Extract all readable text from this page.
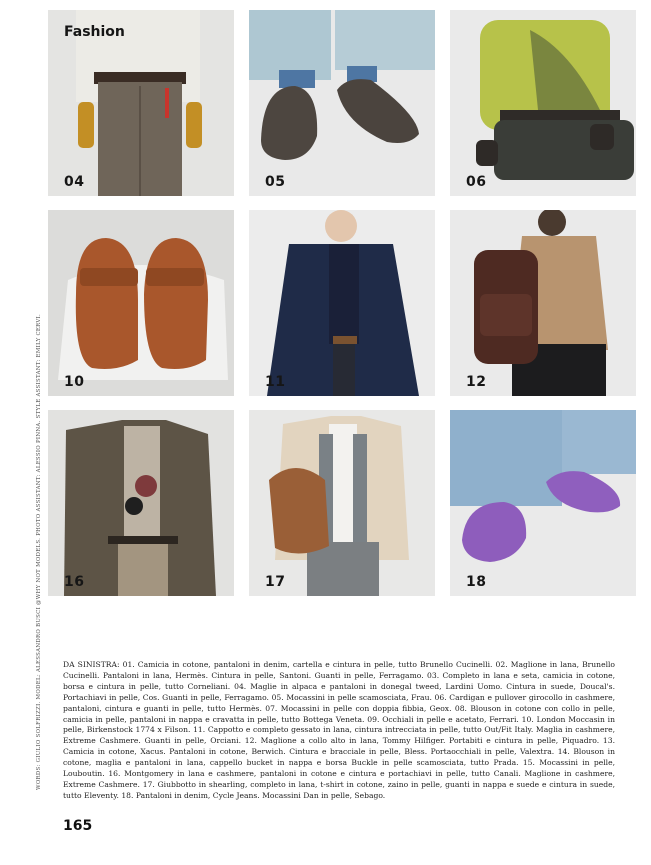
Fashion
04	05	06
10	11	12
16	17	18
WORDS: GIULIO SOLFRIZZI. MODEL: ALESSANDRO BUSCI @WHY NOT MODELS. PHOTO ASSISTANT: ALESSIO PINNA. STYLE ASSISTANT: EMILY CERVI.	DA SINISTRA: 01. Camicia in cotone, pantaloni in denim, cartella e cintura in pelle, tutto Brunello Cucinelli. 02. Maglione in lana, Brunello Cucinelli. Pantaloni in lana, Hermès. Cintura in pelle, Santoni. Guanti in pelle, Ferragamo. 03. Completo in lana e seta, camicia in cotone, borsa e cintura in pelle, tutto Corneliani. 04. Maglie in alpaca e pantaloni in donegal tweed, Lardini Uomo. Cintura in suede, Doucal's. Portachiavi in pelle, Cos. Guanti in pelle, Ferragamo. 05. Mocassini in pelle scamosciata, Frau. 06. Cardigan e pullover girocollo in cashmere, pantaloni, cintura e guanti in pelle, tutto Hermès. 07. Mocassini in pelle con doppia fibbia, Geox. 08. Blouson in cotone con collo in pelle, camicia in pelle, pantaloni in nappa e cravatta in pelle, tutto Bottega Veneta. 09. Occhiali in pelle e acetato, Ferrari. 10. London Moccasin in pelle, Birkenstock 1774 x Filson. 11. Cappotto e completo gessato in lana, cintura intrecciata in pelle, tutto Out/Fit Italy. Maglia in cashmere, Extreme Cashmere. Guanti in pelle, Orciani. 12. Maglione a collo alto in lana, Tommy Hilfiger. Portabiti e cintura in pelle, Piquadro. 13. Camicia in cotone, Xacus. Pantaloni in cotone, Berwich. Cintura e bracciale in pelle, Bless. Portaocchiali in pelle, Valextra. 14. Blouson in cotone, maglia e pantaloni in lana, cappello bucket in nappa e borsa Buckle in pelle scamosciata, tutto Prada. 15. Mocassini in pelle, Louboutin. 16. Montgomery in lana e cashmere, pantaloni in cotone e cintura e portachiavi in pelle, tutto Canali. Maglione in cashmere, Extreme Cashmere. 17. Giubbotto in shearling, completo in lana, t-shirt in cotone, zaino in pelle, guanti in nappa e suede e cintura in suede, tutto Eleventy. 18. Pantaloni in denim, Cycle Jeans. Mocassini Dan in pelle, Sebago.
165
